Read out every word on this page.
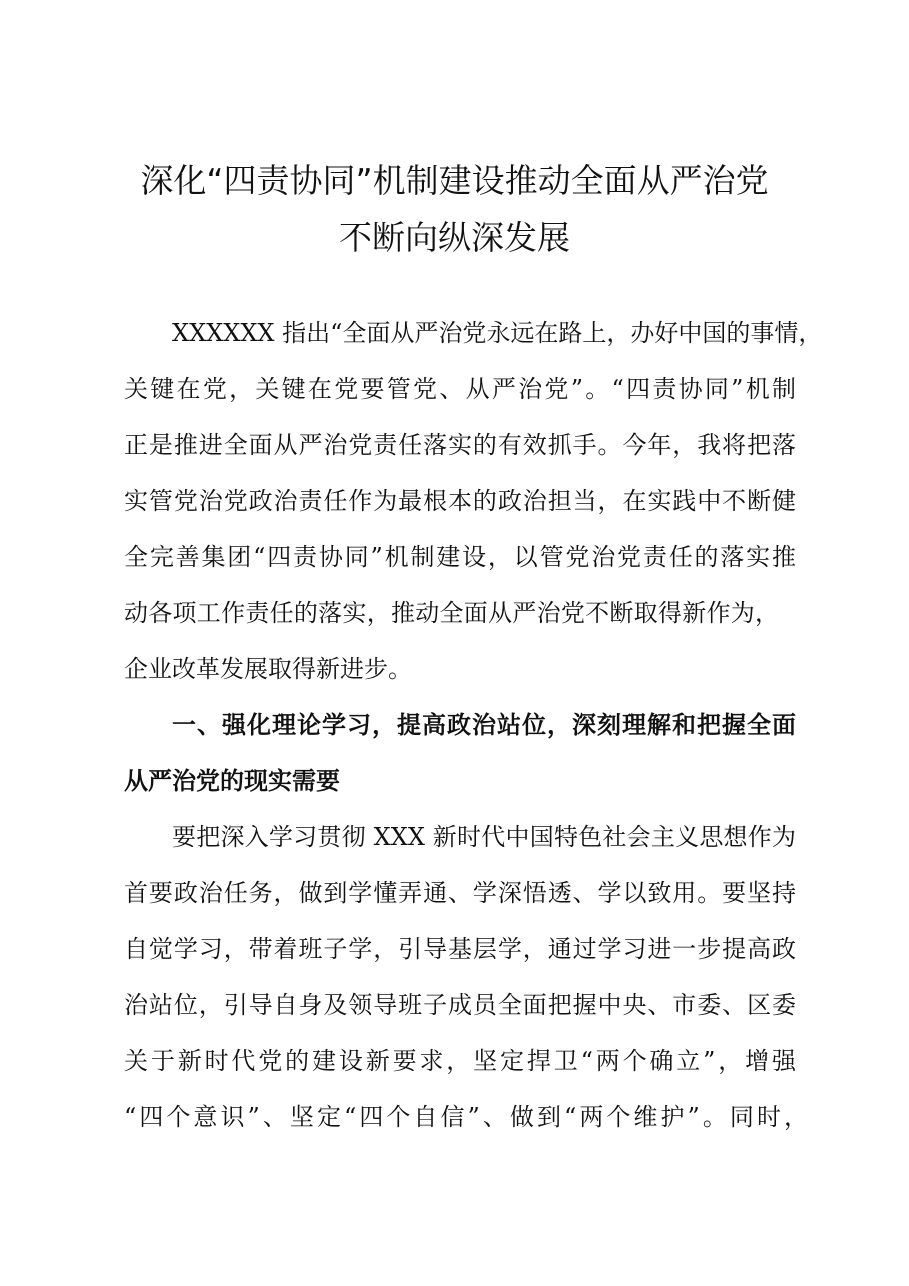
深化“四责协同”机制建设推动全面从严治党
不断向纵深发展
XXXXXX 指出“全面从严治党永远在路上，办好中国的事情，
关键在党，关键在党要管党、从严治党”。“四责协同”机制
正是推进全面从严治党责任落实的有效抓手。今年，我将把落
实管党治党政治责任作为最根本的政治担当，在实践中不断健
全完善集团“四责协同”机制建设，以管党治党责任的落实推
动各项工作责任的落实，推动全面从严治党不断取得新作为，
企业改革发展取得新进步。
一、强化理论学习，提高政治站位，深刻理解和把握全面
从严治党的现实需要
要把深入学习贯彻 XXX 新时代中国特色社会主义思想作为
首要政治任务，做到学懂弄通、学深悟透、学以致用。要坚持
自觉学习，带着班子学，引导基层学，通过学习进一步提高政
治站位，引导自身及领导班子成员全面把握中央、市委、区委
关于新时代党的建设新要求，坚定捍卫“两个确立”，增强
“四个意识”、坚定“四个自信”、做到“两个维护”。同时，
